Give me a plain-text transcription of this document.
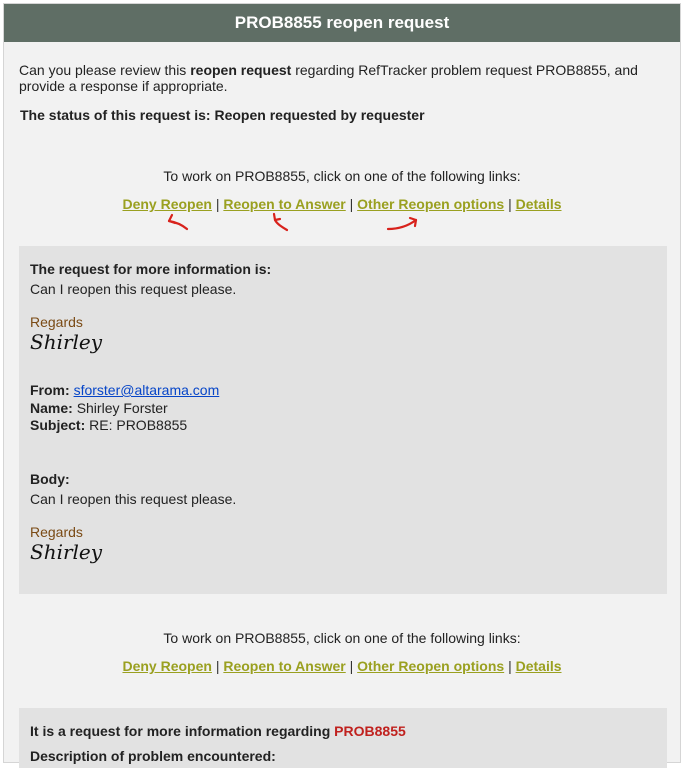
PROB8855 reopen request
Can you please review this reopen request regarding RefTracker problem request PROB8855, and provide a response if appropriate.
The status of this request is: Reopen requested by requester
To work on PROB8855, click on one of the following links:
Deny Reopen | Reopen to Answer | Other Reopen options | Details
The request for more information is:
Can I reopen this request please.
Regards
Shirley
From: sforster@altarama.com
Name: Shirley Forster
Subject: RE: PROB8855
Body:
Can I reopen this request please.
Regards
Shirley
To work on PROB8855, click on one of the following links:
Deny Reopen | Reopen to Answer | Other Reopen options | Details
It is a request for more information regarding PROB8855
Description of problem encountered:
